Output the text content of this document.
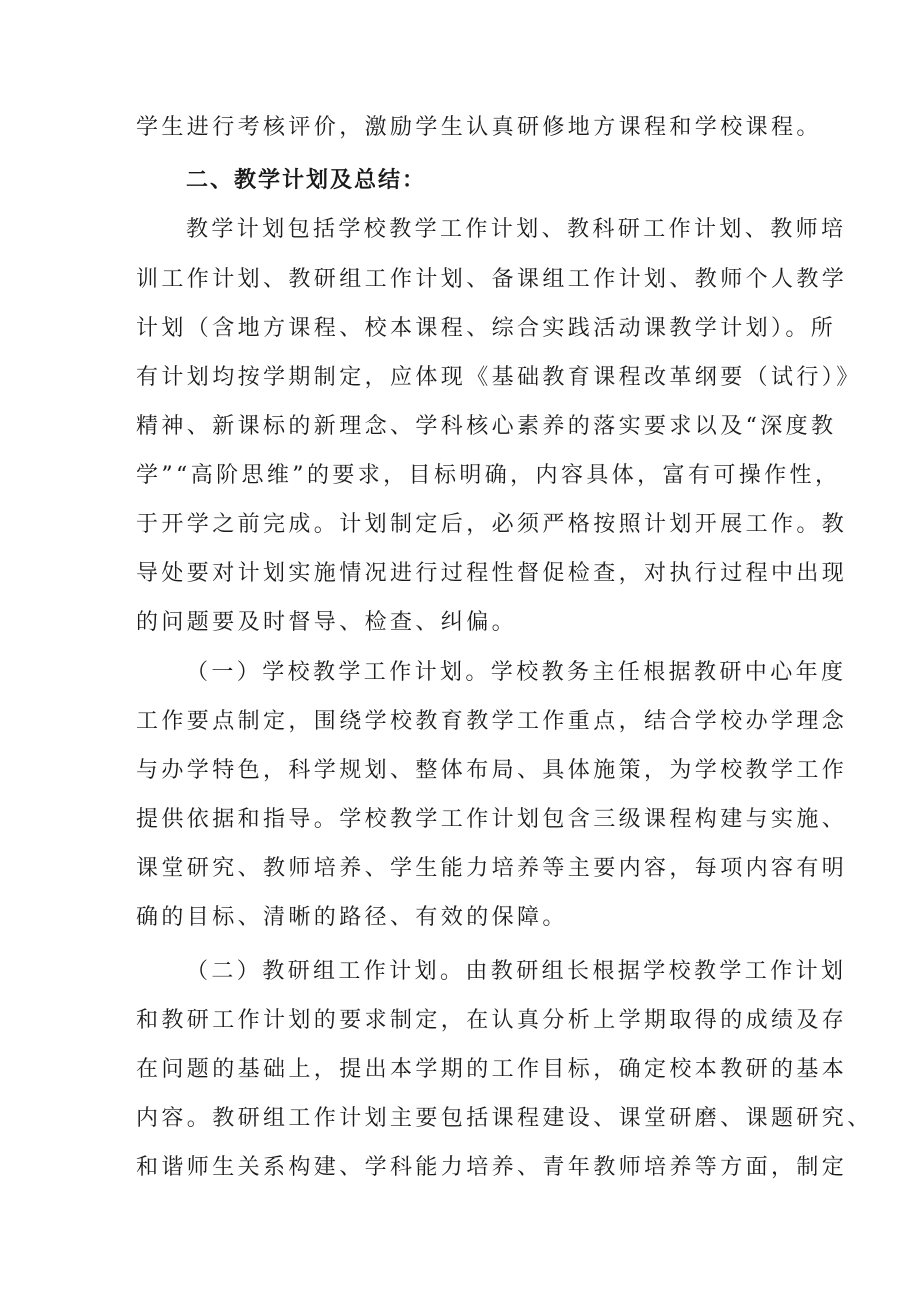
学生进行考核评价，激励学生认真研修地方课程和学校课程。
二、教学计划及总结：
教学计划包括学校教学工作计划、教科研工作计划、教师培
训工作计划、教研组工作计划、备课组工作计划、教师个人教学
计划（含地方课程、校本课程、综合实践活动课教学计划）。所
有计划均按学期制定，应体现《基础教育课程改革纲要（试行）》
精神、新课标的新理念、学科核心素养的落实要求以及“深度教
学”“高阶思维”的要求，目标明确，内容具体，富有可操作性，
于开学之前完成。计划制定后，必须严格按照计划开展工作。教
导处要对计划实施情况进行过程性督促检查，对执行过程中出现
的问题要及时督导、检查、纠偏。
（一）学校教学工作计划。学校教务主任根据教研中心年度
工作要点制定，围绕学校教育教学工作重点，结合学校办学理念
与办学特色，科学规划、整体布局、具体施策，为学校教学工作
提供依据和指导。学校教学工作计划包含三级课程构建与实施、
课堂研究、教师培养、学生能力培养等主要内容，每项内容有明
确的目标、清晰的路径、有效的保障。
（二）教研组工作计划。由教研组长根据学校教学工作计划
和教研工作计划的要求制定，在认真分析上学期取得的成绩及存
在问题的基础上，提出本学期的工作目标，确定校本教研的基本
内容。教研组工作计划主要包括课程建设、课堂研磨、课题研究、
和谐师生关系构建、学科能力培养、青年教师培养等方面，制定
